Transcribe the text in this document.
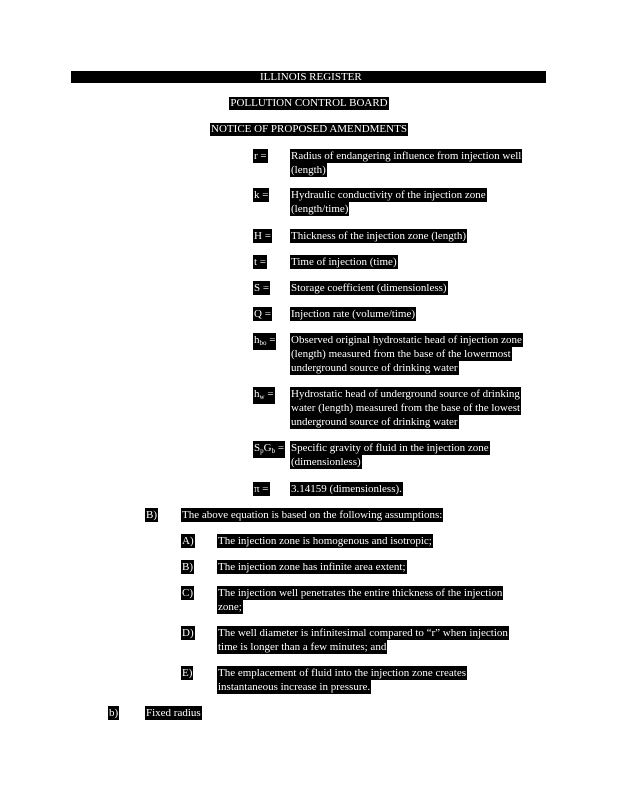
ILLINOIS REGISTER
POLLUTION CONTROL BOARD
NOTICE OF PROPOSED AMENDMENTS
r = Radius of endangering influence from injection well
(length)
k = Hydraulic conductivity of the injection zone
(length/time)
H = Thickness of the injection zone (length)
t = Time of injection (time)
S = Storage coefficient (dimensionless)
Q = Injection rate (volume/time)
$h_{bo}$ = Observed original hydrostatic head of injection zone
(length) measured from the base of the lowermost
underground source of drinking water
$h_w$ = Hydrostatic head of underground source of drinking
water (length) measured from the base of the lowest
underground source of drinking water
$S_pG_b$ = Specific gravity of fluid in the injection zone
(dimensionless)
π = 3.14159 (dimensionless).
B) The above equation is based on the following assumptions:
A) The injection zone is homogenous and isotropic;
B) The injection zone has infinite area extent;
C) The injection well penetrates the entire thickness of the injection
zone;
D) The well diameter is infinitesimal compared to “r” when injection
time is longer than a few minutes; and
E) The emplacement of fluid into the injection zone creates
instantaneous increase in pressure.
b)	Fixed radius
